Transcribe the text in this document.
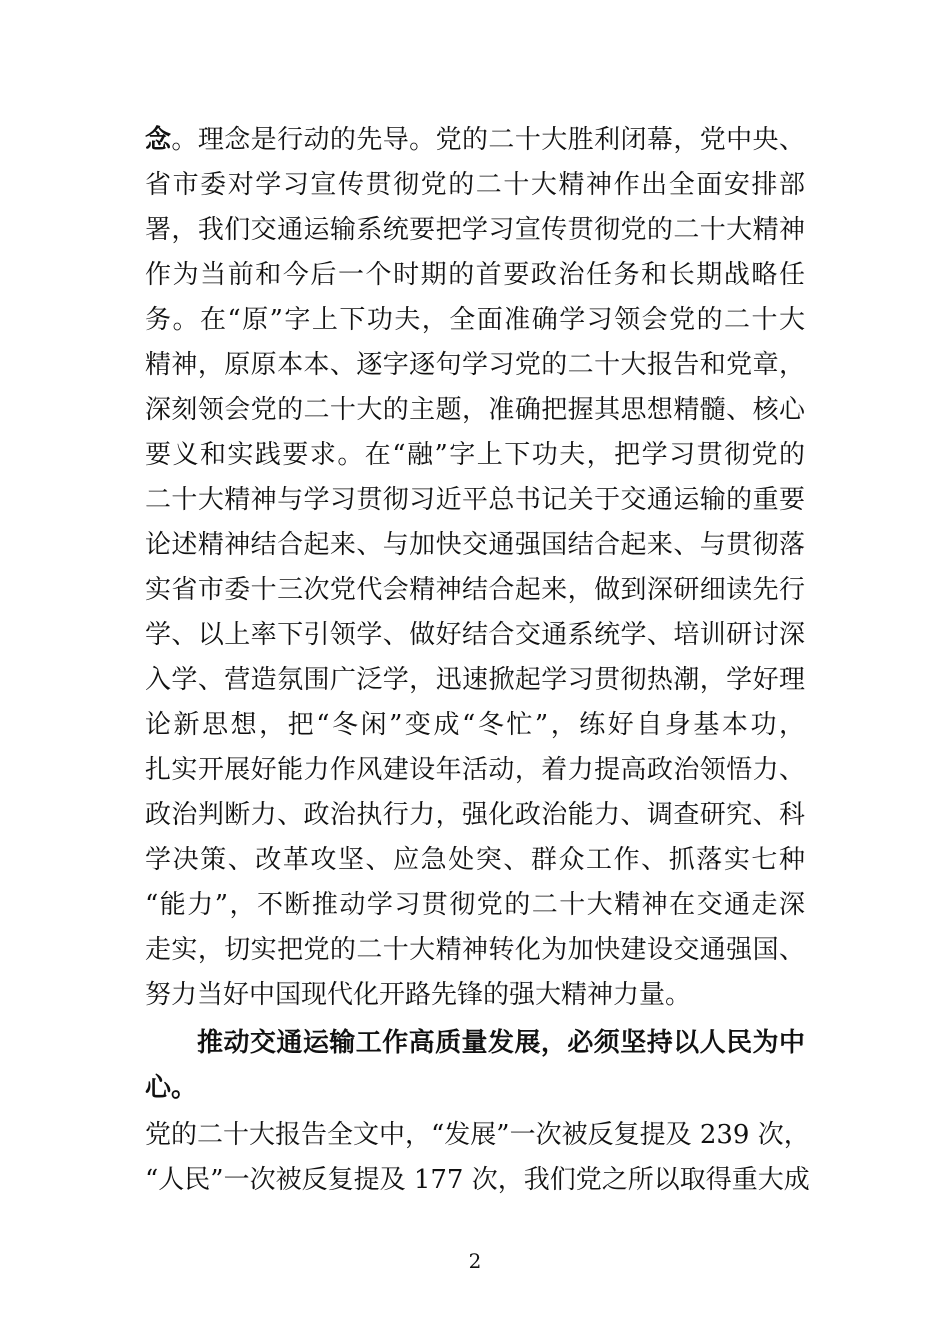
念。理念是行动的先导。党的二十大胜利闭幕，党中央、
省市委对学习宣传贯彻党的二十大精神作出全面安排部
署，我们交通运输系统要把学习宣传贯彻党的二十大精神
作为当前和今后一个时期的首要政治任务和长期战略任
务。在“原”字上下功夫，全面准确学习领会党的二十大
精神，原原本本、逐字逐句学习党的二十大报告和党章，
深刻领会党的二十大的主题，准确把握其思想精髓、核心
要义和实践要求。在“融”字上下功夫，把学习贯彻党的
二十大精神与学习贯彻习近平总书记关于交通运输的重要
论述精神结合起来、与加快交通强国结合起来、与贯彻落
实省市委十三次党代会精神结合起来，做到深研细读先行
学、以上率下引领学、做好结合交通系统学、培训研讨深
入学、营造氛围广泛学，迅速掀起学习贯彻热潮，学好理
论新思想，把“冬闲”变成“冬忙”，练好自身基本功，
扎实开展好能力作风建设年活动，着力提高政治领悟力、
政治判断力、政治执行力，强化政治能力、调查研究、科
学决策、改革攻坚、应急处突、群众工作、抓落实七种
“能力”，不断推动学习贯彻党的二十大精神在交通走深
走实，切实把党的二十大精神转化为加快建设交通强国、
努力当好中国现代化开路先锋的强大精神力量。
推动交通运输工作高质量发展，必须坚持以人民为中
心。
党的二十大报告全文中，“发展”一次被反复提及 239 次，
“人民”一次被反复提及 177 次，我们党之所以取得重大成
2
